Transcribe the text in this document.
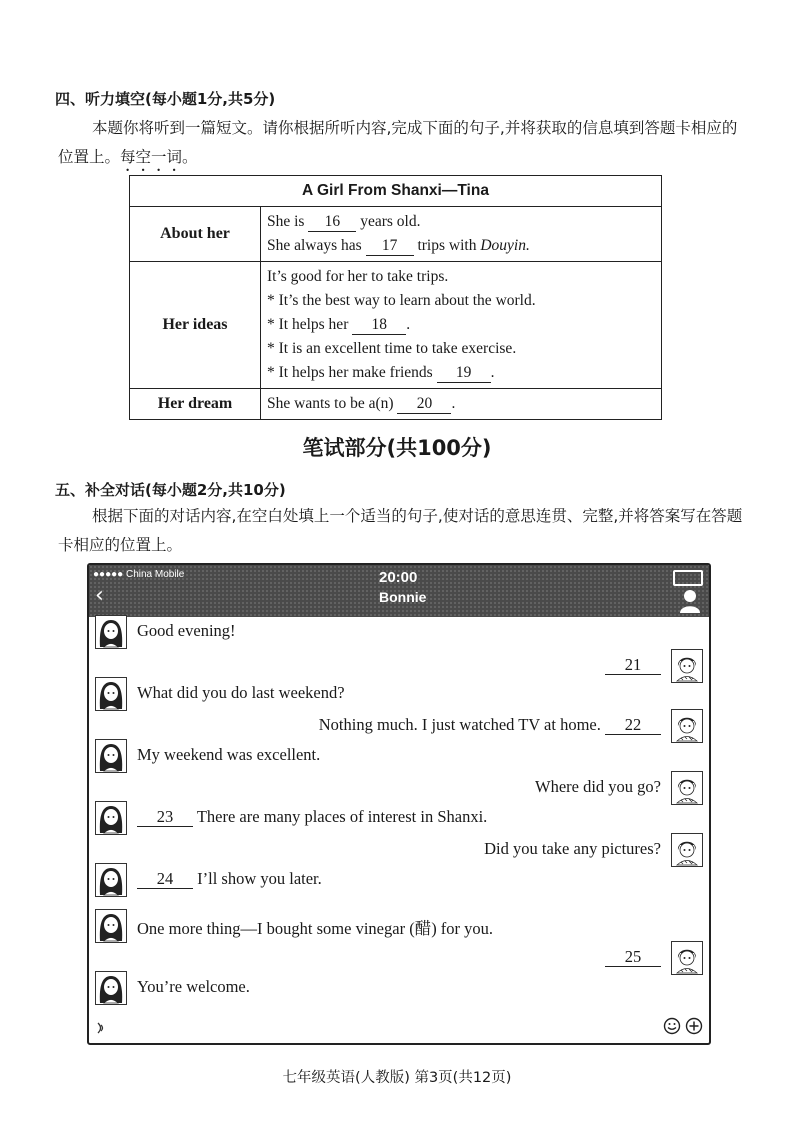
四、听力填空(每小题1分,共5分)
本题你将听到一篇短文。请你根据所听内容,完成下面的句子,并将获取的信息填到答题卡相应的位置上。每空一词。
A Girl From Shanxi—Tina	
About her	She is 16 years old.
She always has 17 trips with Douyin.

Her ideas	It’s good for her to take trips.
* It’s the best way to learn about the world.
* It helps her 18 .
* It is an excellent time to take exercise.
* It helps her make friends 19 .

Her dream	She wants to be a(n) 20 .
笔试部分(共100分)
五、补全对话(每小题2分,共10分)
根据下面的对话内容,在空白处填上一个适当的句子,使对话的意思连贯、完整,并将答案写在答题卡相应的位置上。
●●●●● China Mobile
‹
20:00
Bonnie
Good evening!
21
What did you do last weekend?
Nothing much. I just watched TV at home. 22
My weekend was excellent.
Where did you go?
23 There are many places of interest in Shanxi.
Did you take any pictures?
24 I’ll show you later.
One more thing—I bought some vinegar (醋) for you.
25
You’re welcome.
七年级英语(人教版) 第3页(共12页)
